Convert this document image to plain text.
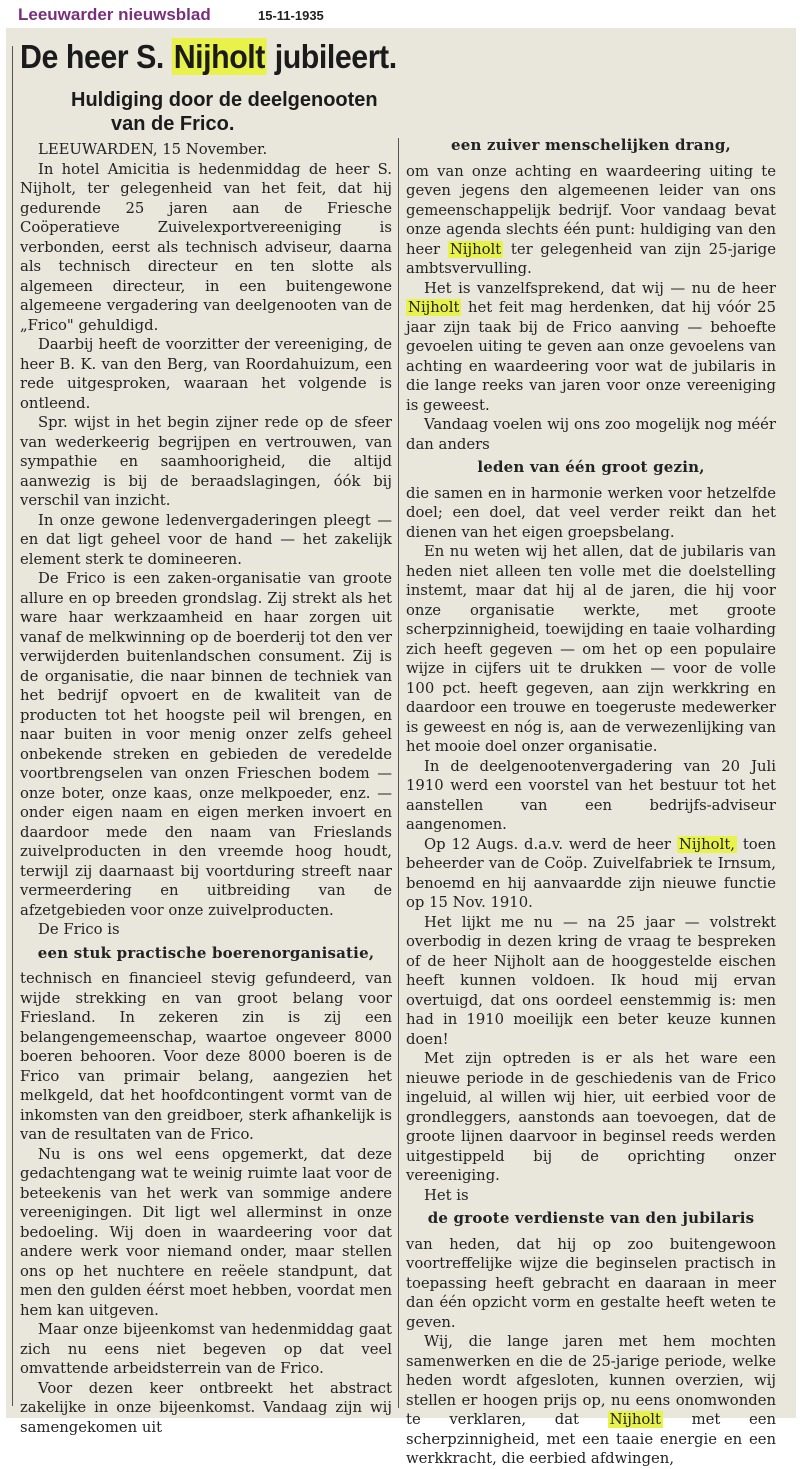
Leeuwarder nieuwsblad	15-11-1935
De heer S. Nijholt jubileert.
Huldiging door de deelgenooten
van de Frico.

LEEUWARDEN, 15 November.

In hotel Amicitia is hedenmiddag de heer S. Nijholt, ter gelegenheid van het feit, dat hij gedurende 25 jaren aan de Friesche Coöperatieve Zuivelexportvereeniging is verbonden, eerst als technisch adviseur, daarna als technisch directeur en ten slotte als algemeen directeur, in een buitengewone algemeene vergadering van deelgenooten van de „Frico" gehuldigd.

Daarbij heeft de voorzitter der vereeniging, de heer B. K. van den Berg, van Roordahuizum, een rede uitgesproken, waaraan het volgende is ontleend.

Spr. wijst in het begin zijner rede op de sfeer van wederkeerig begrijpen en vertrouwen, van sympathie en saamhoorigheid, die altijd aanwezig is bij de beraadslagingen, óók bij verschil van inzicht.

In onze gewone ledenvergaderingen pleegt — en dat ligt geheel voor de hand — het zakelijk element sterk te domineeren.

De Frico is een zaken-organisatie van groote allure en op breeden grondslag. Zij strekt als het ware haar werkzaamheid en haar zorgen uit vanaf de melkwinning op de boerderij tot den ver verwijderden buitenlandschen consument. Zij is de organisatie, die naar binnen de techniek van het bedrijf opvoert en de kwaliteit van de producten tot het hoogste peil wil brengen, en naar buiten in voor menig onzer zelfs geheel onbekende streken en gebieden de veredelde voortbrengselen van onzen Frieschen bodem — onze boter, onze kaas, onze melkpoeder, enz. — onder eigen naam en eigen merken invoert en daardoor mede den naam van Frieslands zuivelproducten in den vreemde hoog houdt, terwijl zij daarnaast bij voortduring streeft naar vermeerdering en uitbreiding van de afzetgebieden voor onze zuivelproducten.

De Frico is

een stuk practische boerenorganisatie,

technisch en financieel stevig gefundeerd, van wijde strekking en van groot belang voor Friesland. In zekeren zin is zij een belangengemeenschap, waartoe ongeveer 8000 boeren behooren. Voor deze 8000 boeren is de Frico van primair belang, aangezien het melkgeld, dat het hoofdcontingent vormt van de inkomsten van den greidboer, sterk afhankelijk is van de resultaten van de Frico.

Nu is ons wel eens opgemerkt, dat deze gedachtengang wat te weinig ruimte laat voor de beteekenis van het werk van sommige andere vereenigingen. Dit ligt wel allerminst in onze bedoeling. Wij doen in waardeering voor dat andere werk voor niemand onder, maar stellen ons op het nuchtere en reëele standpunt, dat men den gulden éérst moet hebben, voordat men hem kan uitgeven.

Maar onze bijeenkomst van hedenmiddag gaat zich nu eens niet begeven op dat veel omvattende arbeidsterrein van de Frico.

Voor dezen keer ontbreekt het abstract zakelijke in onze bijeenkomst. Vandaag zijn wij samengekomen uit

een zuiver menschelijken drang,

om van onze achting en waardeering uiting te geven jegens den algemeenen leider van ons gemeenschappelijk bedrijf. Voor vandaag bevat onze agenda slechts één punt: huldiging van den heer Nijholt ter gelegenheid van zijn 25-jarige ambtsvervulling.

Het is vanzelfsprekend, dat wij — nu de heer Nijholt het feit mag herdenken, dat hij vóór 25 jaar zijn taak bij de Frico aanving — behoefte gevoelen uiting te geven aan onze gevoelens van achting en waardeering voor wat de jubilaris in die lange reeks van jaren voor onze vereeniging is geweest.

Vandaag voelen wij ons zoo mogelijk nog méér dan anders

leden van één groot gezin,

die samen en in harmonie werken voor hetzelfde doel; een doel, dat veel verder reikt dan het dienen van het eigen groepsbelang.

En nu weten wij het allen, dat de jubilaris van heden niet alleen ten volle met die doelstelling instemt, maar dat hij al de jaren, die hij voor onze organisatie werkte, met groote scherpzinnigheid, toewijding en taaie volharding zich heeft gegeven — om het op een populaire wijze in cijfers uit te drukken — voor de volle 100 pct. heeft gegeven, aan zijn werkkring en daardoor een trouwe en toegeruste medewerker is geweest en nóg is, aan de verwezenlijking van het mooie doel onzer organisatie.

In de deelgenootenvergadering van 20 Juli 1910 werd een voorstel van het bestuur tot het aanstellen van een bedrijfs-adviseur aangenomen.

Op 12 Augs. d.a.v. werd de heer Nijholt, toen beheerder van de Coöp. Zuivelfabriek te Irnsum, benoemd en hij aanvaardde zijn nieuwe functie op 15 Nov. 1910.

Het lijkt me nu — na 25 jaar — volstrekt overbodig in dezen kring de vraag te bespreken of de heer Nijholt aan de hooggestelde eischen heeft kunnen voldoen. Ik houd mij ervan overtuigd, dat ons oordeel eenstemmig is: men had in 1910 moeilijk een beter keuze kunnen doen!

Met zijn optreden is er als het ware een nieuwe periode in de geschiedenis van de Frico ingeluid, al willen wij hier, uit eerbied voor de grondleggers, aanstonds aan toevoegen, dat de groote lijnen daarvoor in beginsel reeds werden uitgestippeld bij de oprichting onzer vereeniging.

Het is

de groote verdienste van den jubilaris

van heden, dat hij op zoo buitengewoon voortreffelijke wijze die beginselen practisch in toepassing heeft gebracht en daaraan in meer dan één opzicht vorm en gestalte heeft weten te geven.

Wij, die lange jaren met hem mochten samenwerken en die de 25-jarige periode, welke heden wordt afgesloten, kunnen overzien, wij stellen er hoogen prijs op, nu eens onomwonden te verklaren, dat Nijholt met een scherpzinnigheid, met een taaie energie en een werkkracht, die eerbied afdwingen,
